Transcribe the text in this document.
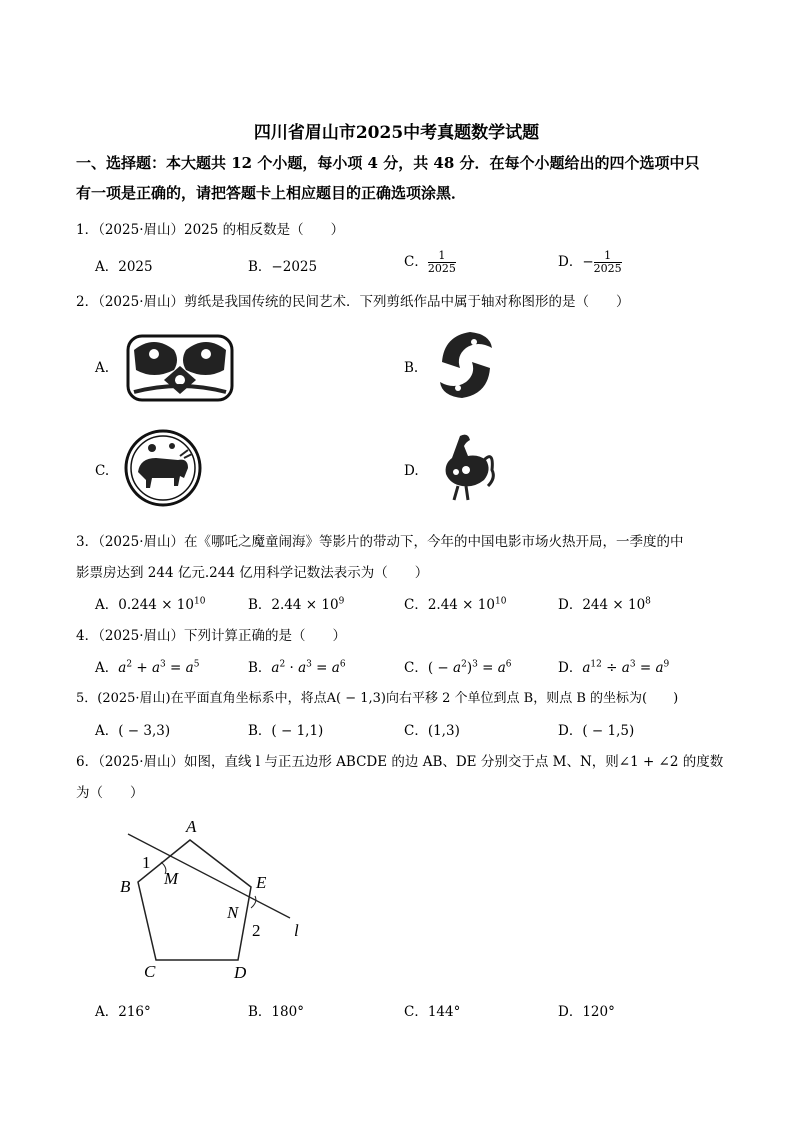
四川省眉山市2025中考真题数学试题
一、选择题：本大题共 12 个小题，每小项 4 分，共 48 分．在每个小题给出的四个选项中只
有一项是正确的，请把答题卡上相应题目的正确选项涂黑．
1．（2025·眉山）2025 的相反数是（　　）
A．2025	B．−2025	C． $\frac{1}{2025}$	D．− $\frac{1}{2025}$
2．（2025·眉山）剪纸是我国传统的民间艺术．下列剪纸作品中属于轴对称图形的是（　　）
A.	B.
C.	D.
3．（2025·眉山）在《哪吒之魔童闹海》等影片的带动下，今年的中国电影市场火热开局，一季度的中
影票房达到 244 亿元.244 亿用科学记数法表示为（　　）
A．$0.244 \times 10^{10}$	B．$2.44 \times 10^9$	C．$2.44 \times 10^{10}$	D．$244 \times 10^8$
4．（2025·眉山）下列计算正确的是（　　）
A．$a^2 + a^3 = a^5$	B．$a^2 \cdot a^3 = a^6$	C．( − $a^2)^3 = a^6$	D．$a^{12} \div a^3 = a^9$
5．(2025·眉山)在平面直角坐标系中，将点A( − 1,3)向右平移 2 个单位到点 B，则点 B 的坐标为(　　)
A．( − 3,3)	B．( − 1,1)	C．(1,3)	D．( − 1,5)
6．（2025·眉山）如图，直线 l 与正五边形 ABCDE 的边 AB、DE 分别交于点 M、N，则∠1 + ∠2 的度数
为（　　）
A
B
C	D
E
M
N
1
2 l
A．216°	B．180°	C．144°	D．120°
